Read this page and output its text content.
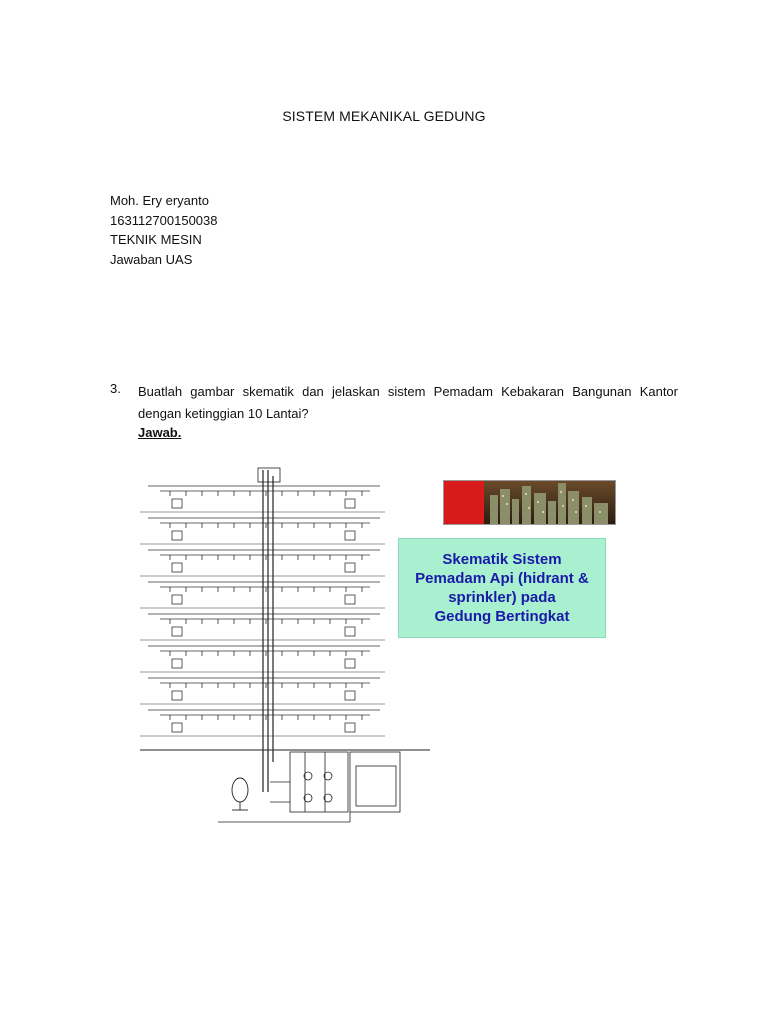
SISTEM MEKANIKAL GEDUNG
Moh. Ery eryanto
163112700150038
TEKNIK MESIN
Jawaban UAS
3. Buatlah gambar skematik dan jelaskan sistem Pemadam Kebakaran Bangunan Kantor dengan ketinggian 10 Lantai?
Jawab.
Skematik Sistem
Pemadam Api (hidrant &
sprinkler) pada
Gedung Bertingkat
